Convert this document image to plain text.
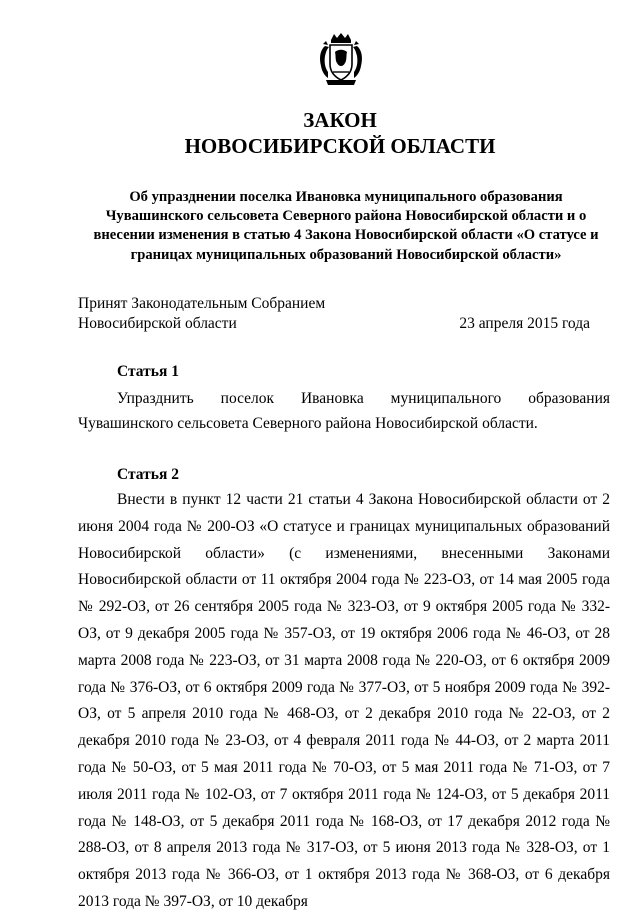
ЗАКОН
НОВОСИБИРСКОЙ ОБЛАСТИ

Об упразднении поселка Ивановка муниципального образования Чувашинского сельсовета Северного района Новосибирской области и о внесении изменения в статью 4 Закона Новосибирской области «О статусе и границах муниципальных образований Новосибирской области»

Принят Законодательным Собранием
Новосибирской области	23 апреля 2015 года
Статья 1

Упразднить поселок Ивановка муниципального образования Чувашинского сельсовета Северного района Новосибирской области.

Статья 2

Внести в пункт 12 части 21 статьи 4 Закона Новосибирской области от 2 июня 2004 года № 200-ОЗ «О статусе и границах муниципальных образований Новосибирской области» (с изменениями, внесенными Законами Новосибирской области от 11 октября 2004 года № 223-ОЗ, от 14 мая 2005 года № 292-ОЗ, от 26 сентября 2005 года № 323-ОЗ, от 9 октября 2005 года № 332-ОЗ, от 9 декабря 2005 года № 357-ОЗ, от 19 октября 2006 года № 46-ОЗ, от 28 марта 2008 года № 223-ОЗ, от 31 марта 2008 года № 220-ОЗ, от 6 октября 2009 года № 376-ОЗ, от 6 октября 2009 года № 377-ОЗ, от 5 ноября 2009 года № 392-ОЗ, от 5 апреля 2010 года № 468-ОЗ, от 2 декабря 2010 года № 22-ОЗ, от 2 декабря 2010 года № 23-ОЗ, от 4 февраля 2011 года № 44-ОЗ, от 2 марта 2011 года № 50-ОЗ, от 5 мая 2011 года № 70-ОЗ, от 5 мая 2011 года № 71-ОЗ, от 7 июля 2011 года № 102-ОЗ, от 7 октября 2011 года № 124-ОЗ, от 5 декабря 2011 года № 148-ОЗ, от 5 декабря 2011 года № 168-ОЗ, от 17 декабря 2012 года № 288-ОЗ, от 8 апреля 2013 года № 317-ОЗ, от 5 июня 2013 года № 328-ОЗ, от 1 октября 2013 года № 366-ОЗ, от 1 октября 2013 года № 368-ОЗ, от 6 декабря 2013 года № 397-ОЗ, от 10 декабря
